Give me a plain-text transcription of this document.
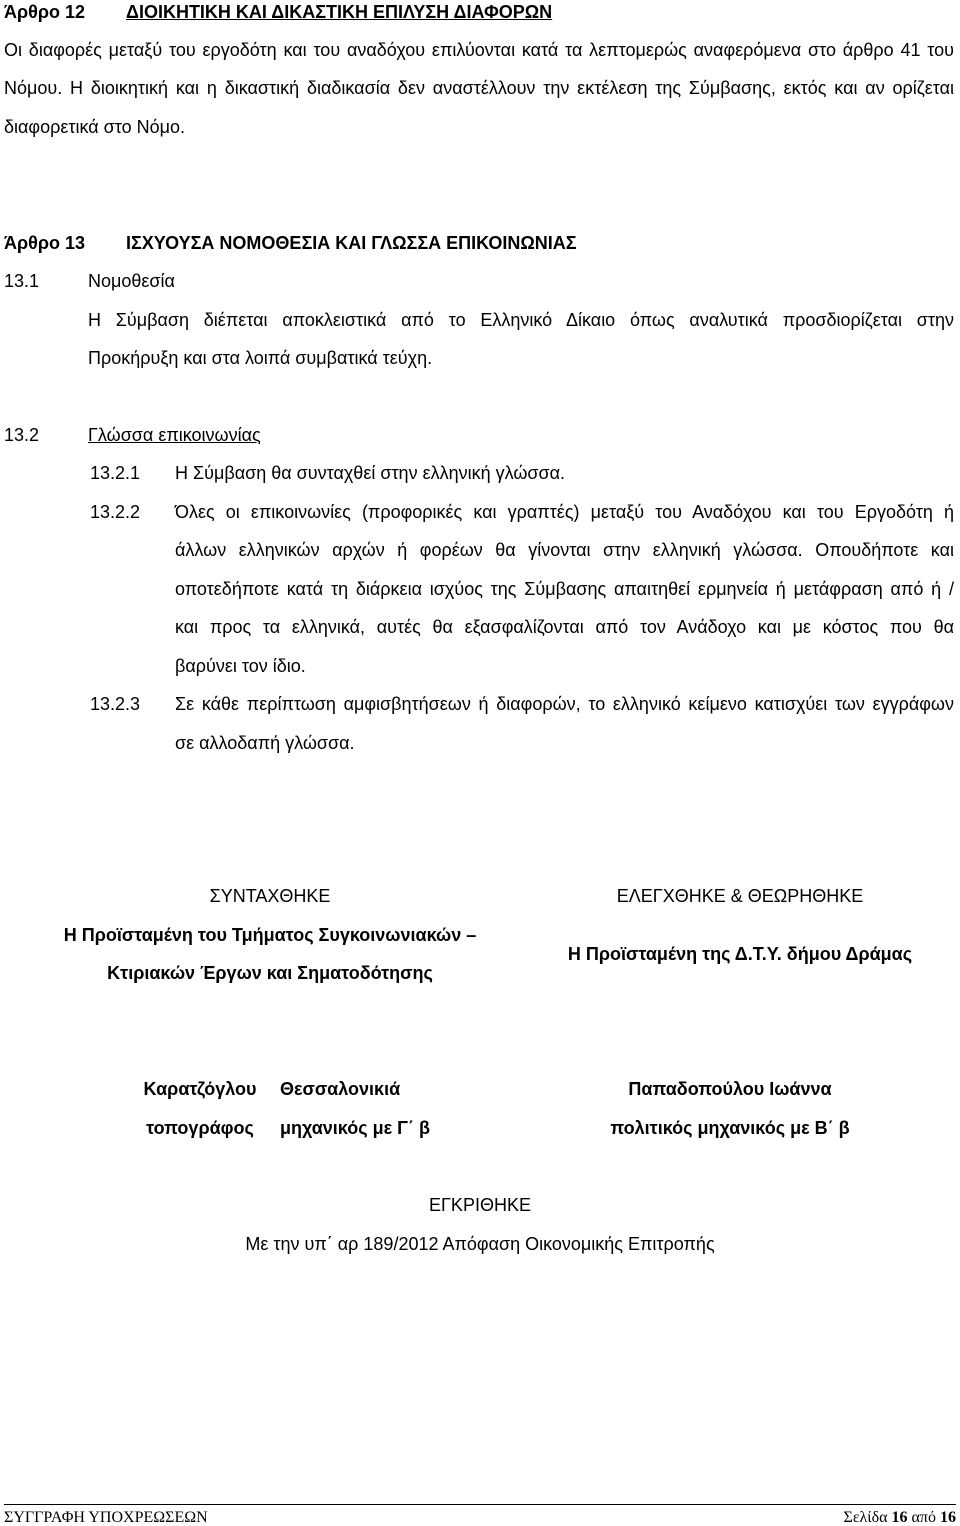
Άρθρο 12 ΔΙΟΙΚΗΤΙΚΗ ΚΑΙ ΔΙΚΑΣΤΙΚΗ ΕΠΙΛΥΣΗ ΔΙΑΦΟΡΩΝ
Οι διαφορές μεταξύ του εργοδότη και του αναδόχου επιλύονται κατά τα λεπτομερώς αναφερόμενα στο άρθρο 41 του
Νόμου. Η διοικητική και η δικαστική διαδικασία δεν αναστέλλουν την εκτέλεση της Σύμβασης, εκτός και αν ορίζεται
διαφορετικά στο Νόμο.
Άρθρο 13 ΙΣΧΥΟΥΣΑ ΝΟΜΟΘΕΣΙΑ ΚΑΙ ΓΛΩΣΣΑ ΕΠΙΚΟΙΝΩΝΙΑΣ
13.1	Νομοθεσία
Η Σύμβαση διέπεται αποκλειστικά από το Ελληνικό Δίκαιο όπως αναλυτικά προσδιορίζεται στην
Προκήρυξη και στα λοιπά συμβατικά τεύχη.
13.2	Γλώσσα επικοινωνίας
13.2.1 Η Σύμβαση θα συνταχθεί στην ελληνική γλώσσα.
13.2.2 Όλες οι επικοινωνίες (προφορικές και γραπτές) μεταξύ του Αναδόχου και του Εργοδότη ή
άλλων ελληνικών αρχών ή φορέων θα γίνονται στην ελληνική γλώσσα. Οπουδήποτε και
οποτεδήποτε κατά τη διάρκεια ισχύος της Σύμβασης απαιτηθεί ερμηνεία ή μετάφραση από ή /
και προς τα ελληνικά, αυτές θα εξασφαλίζονται από τον Ανάδοχο και με κόστος που θα
βαρύνει τον ίδιο.
13.2.3 Σε κάθε περίπτωση αμφισβητήσεων ή διαφορών, το ελληνικό κείμενο κατισχύει των εγγράφων
σε αλλοδαπή γλώσσα.
ΣΥΝΤΑΧΘΗΚΕ
Η Προϊσταμένη του Τμήματος Συγκοινωνιακών –
Κτιριακών Έργων και Σηματοδότησης
ΕΛΕΓΧΘΗΚΕ & ΘΕΩΡΗΘΗΚΕ
Η Προϊσταμένη της Δ.Τ.Υ. δήμου Δράμας
Καρατζόγλου
τοπογράφος
Θεσσαλονικιά
μηχανικός με Γ΄ β
Παπαδοπούλου Ιωάννα
πολιτικός μηχανικός με Β΄ β
ΕΓΚΡΙΘΗΚΕ
Με την υπ΄ αρ 189/2012 Απόφαση Οικονομικής Επιτροπής
ΣΥΓΓΡΑΦΗ ΥΠΟΧΡΕΩΣΕΩΝ	Σελίδα 16 από 16
